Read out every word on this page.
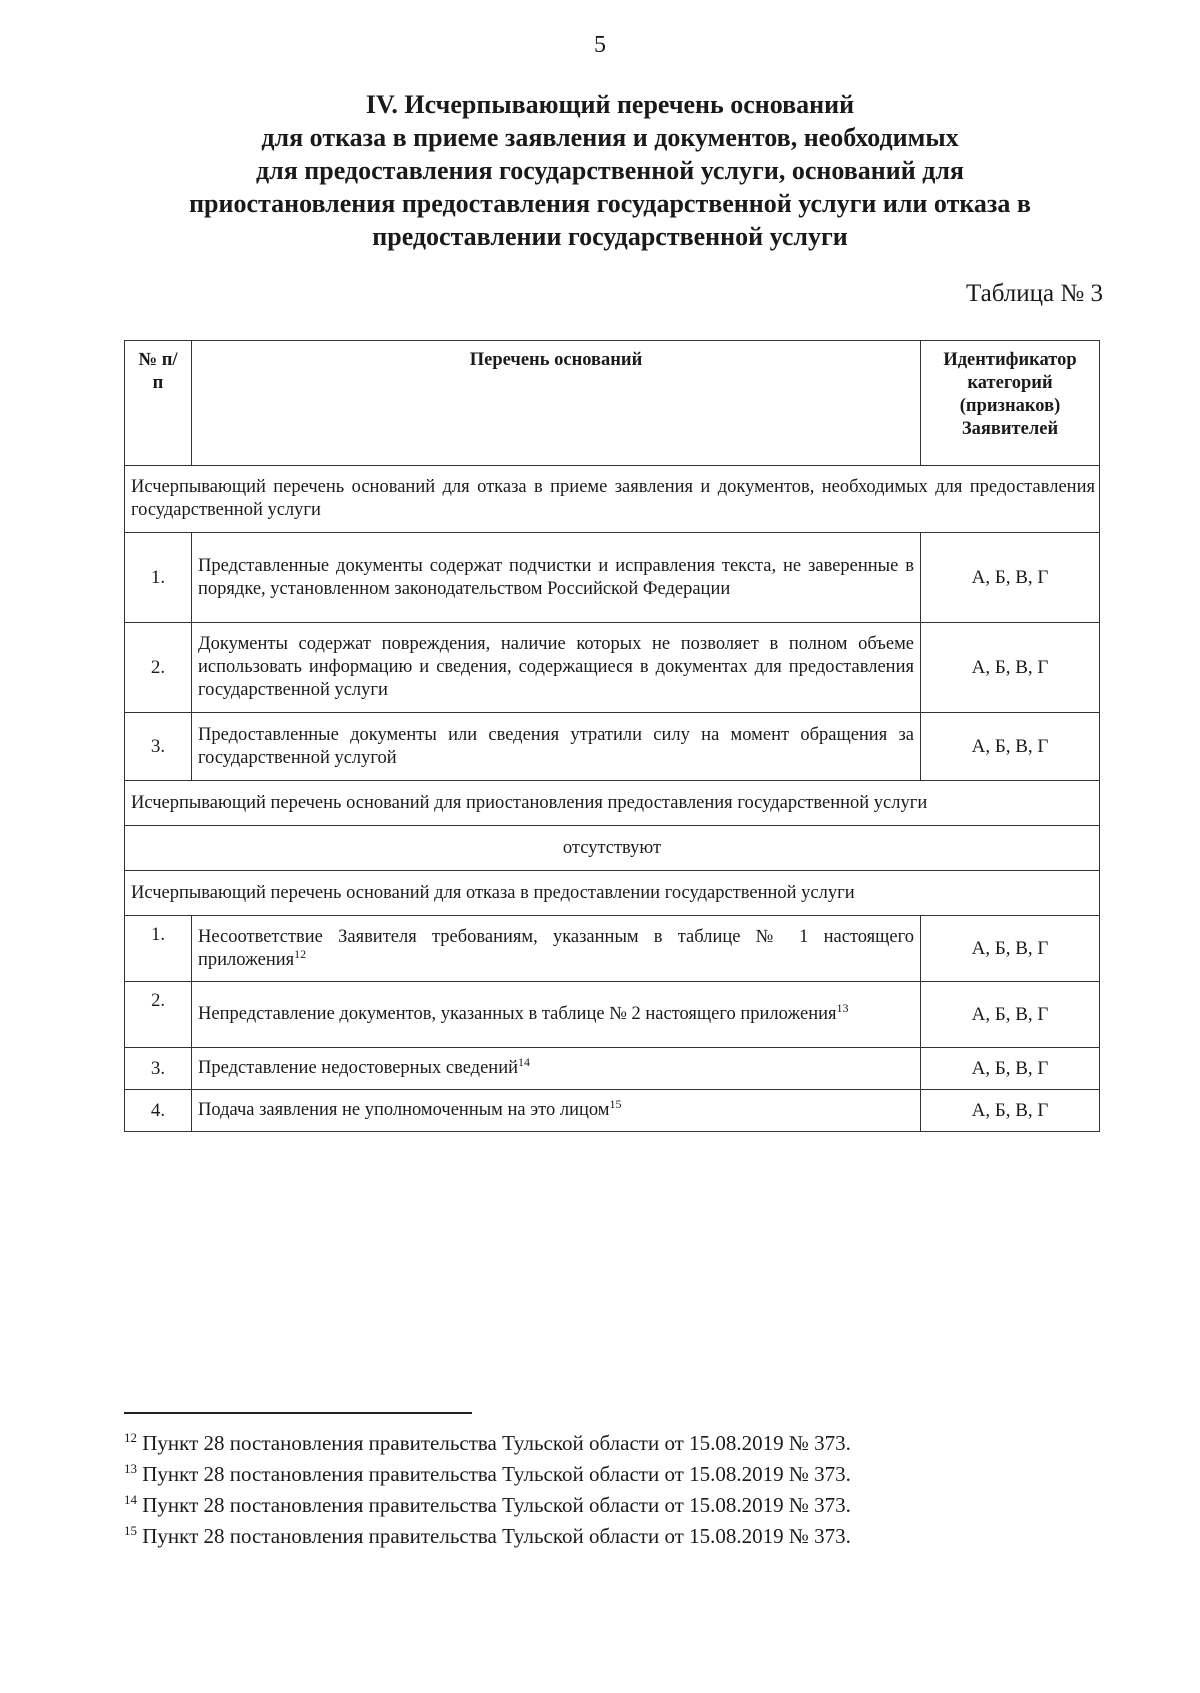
5
IV. Исчерпывающий перечень оснований
для отказа в приеме заявления и документов, необходимых
для предоставления государственной услуги, оснований для
приостановления предоставления государственной услуги или отказа в
предоставлении государственной услуги
Таблица № 3
№ п/п	Перечень оснований	Идентификатор категорий (признаков) Заявителей
Исчерпывающий перечень оснований для отказа в приеме заявления и документов, необходимых для предоставления государственной услуги		
1.	Представленные документы содержат подчистки и исправления текста, не заверенные в порядке, установленном законодательством Российской Федерации	А, Б, В, Г
2.	Документы содержат повреждения, наличие которых не позволяет в полном объеме использовать информацию и сведения, содержащиеся в документах для предоставления государственной услуги	А, Б, В, Г
3.	Предоставленные документы или сведения утратили силу на момент обращения за государственной услугой	А, Б, В, Г
Исчерпывающий перечень оснований для приостановления предоставления государственной услуги		
отсутствуют		
Исчерпывающий перечень оснований для отказа в предоставлении государственной услуги		
1.	Несоответствие Заявителя требованиям, указанным в таблице № 1 настоящего приложения$^{12}$	А, Б, В, Г
2.	Непредставление документов, указанных в таблице № 2 настоящего приложения$^{13}$	А, Б, В, Г
3.	Представление недостоверных сведений$^{14}$	А, Б, В, Г
4.	Подача заявления не уполномоченным на это лицом$^{15}$	А, Б, В, Г
$^{12}$ Пункт 28 постановления правительства Тульской области от 15.08.2019 № 373.
$^{13}$ Пункт 28 постановления правительства Тульской области от 15.08.2019 № 373.
$^{14}$ Пункт 28 постановления правительства Тульской области от 15.08.2019 № 373.
$^{15}$ Пункт 28 постановления правительства Тульской области от 15.08.2019 № 373.
